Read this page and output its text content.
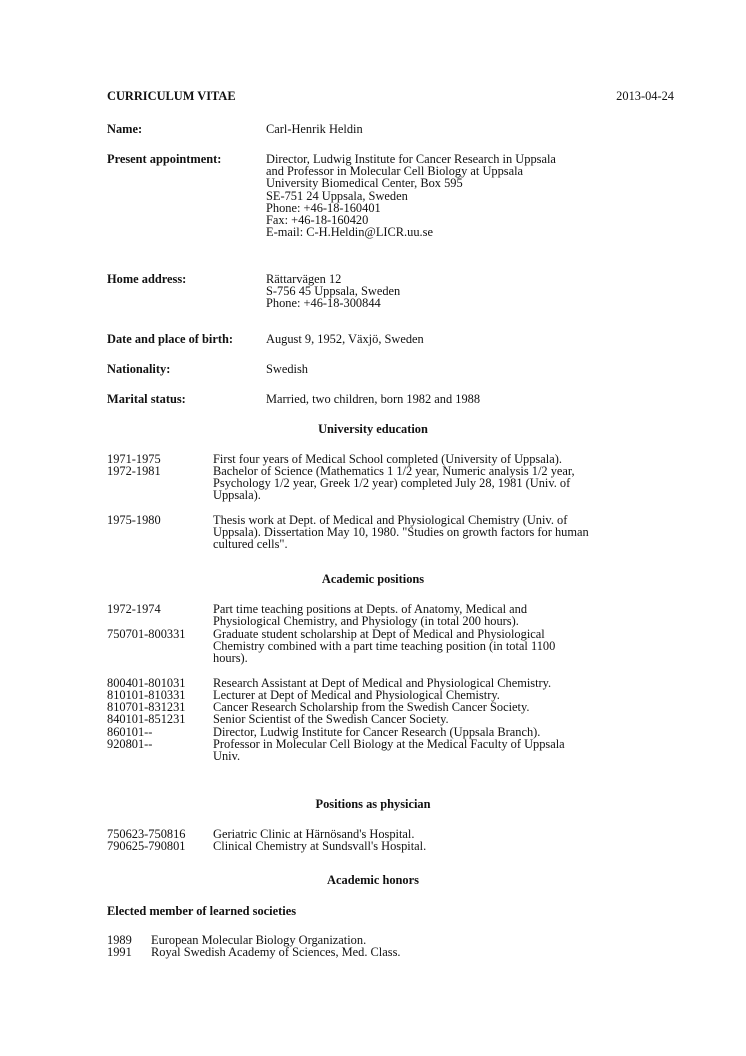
CURRICULUM VITAE	2013-04-24
Name:	Carl-Henrik Heldin
Present appointment:	Director, Ludwig Institute for Cancer Research in Uppsala
and Professor in Molecular Cell Biology at Uppsala
University Biomedical Center, Box 595
SE-751 24 Uppsala, Sweden
Phone: +46-18-160401
Fax: +46-18-160420
E-mail: C-H.Heldin@LICR.uu.se
Home address:	Rättarvägen 12
S-756 45 Uppsala, Sweden
Phone: +46-18-300844
Date and place of birth:	August 9, 1952, Växjö, Sweden
Nationality:	Swedish
Marital status:	Married, two children, born 1982 and 1988
University education
1971-1975	First four years of Medical School completed (University of Uppsala).
1972-1981	Bachelor of Science (Mathematics 1 1/2 year, Numeric analysis 1/2 year,
Psychology 1/2 year, Greek 1/2 year) completed July 28, 1981 (Univ. of
Uppsala).
1975-1980	Thesis work at Dept. of Medical and Physiological Chemistry (Univ. of
Uppsala). Dissertation May 10, 1980. "Studies on growth factors for human
cultured cells".
Academic positions
1972-1974	Part time teaching positions at Depts. of Anatomy, Medical and
Physiological Chemistry, and Physiology (in total 200 hours).
750701-800331 Graduate student scholarship at Dept of Medical and Physiological
Chemistry combined with a part time teaching position (in total 1100
hours).
800401-801031 Research Assistant at Dept of Medical and Physiological Chemistry.
810101-810331 Lecturer at Dept of Medical and Physiological Chemistry.
810701-831231 Cancer Research Scholarship from the Swedish Cancer Society.
840101-851231 Senior Scientist of the Swedish Cancer Society.
860101--	Director, Ludwig Institute for Cancer Research (Uppsala Branch).
920801--	Professor in Molecular Cell Biology at the Medical Faculty of Uppsala
Univ.
Positions as physician
750623-750816 Geriatric Clinic at Härnösand's Hospital.
790625-790801 Clinical Chemistry at Sundsvall's Hospital.
Academic honors
Elected member of learned societies
1989 European Molecular Biology Organization.
1991 Royal Swedish Academy of Sciences, Med. Class.
